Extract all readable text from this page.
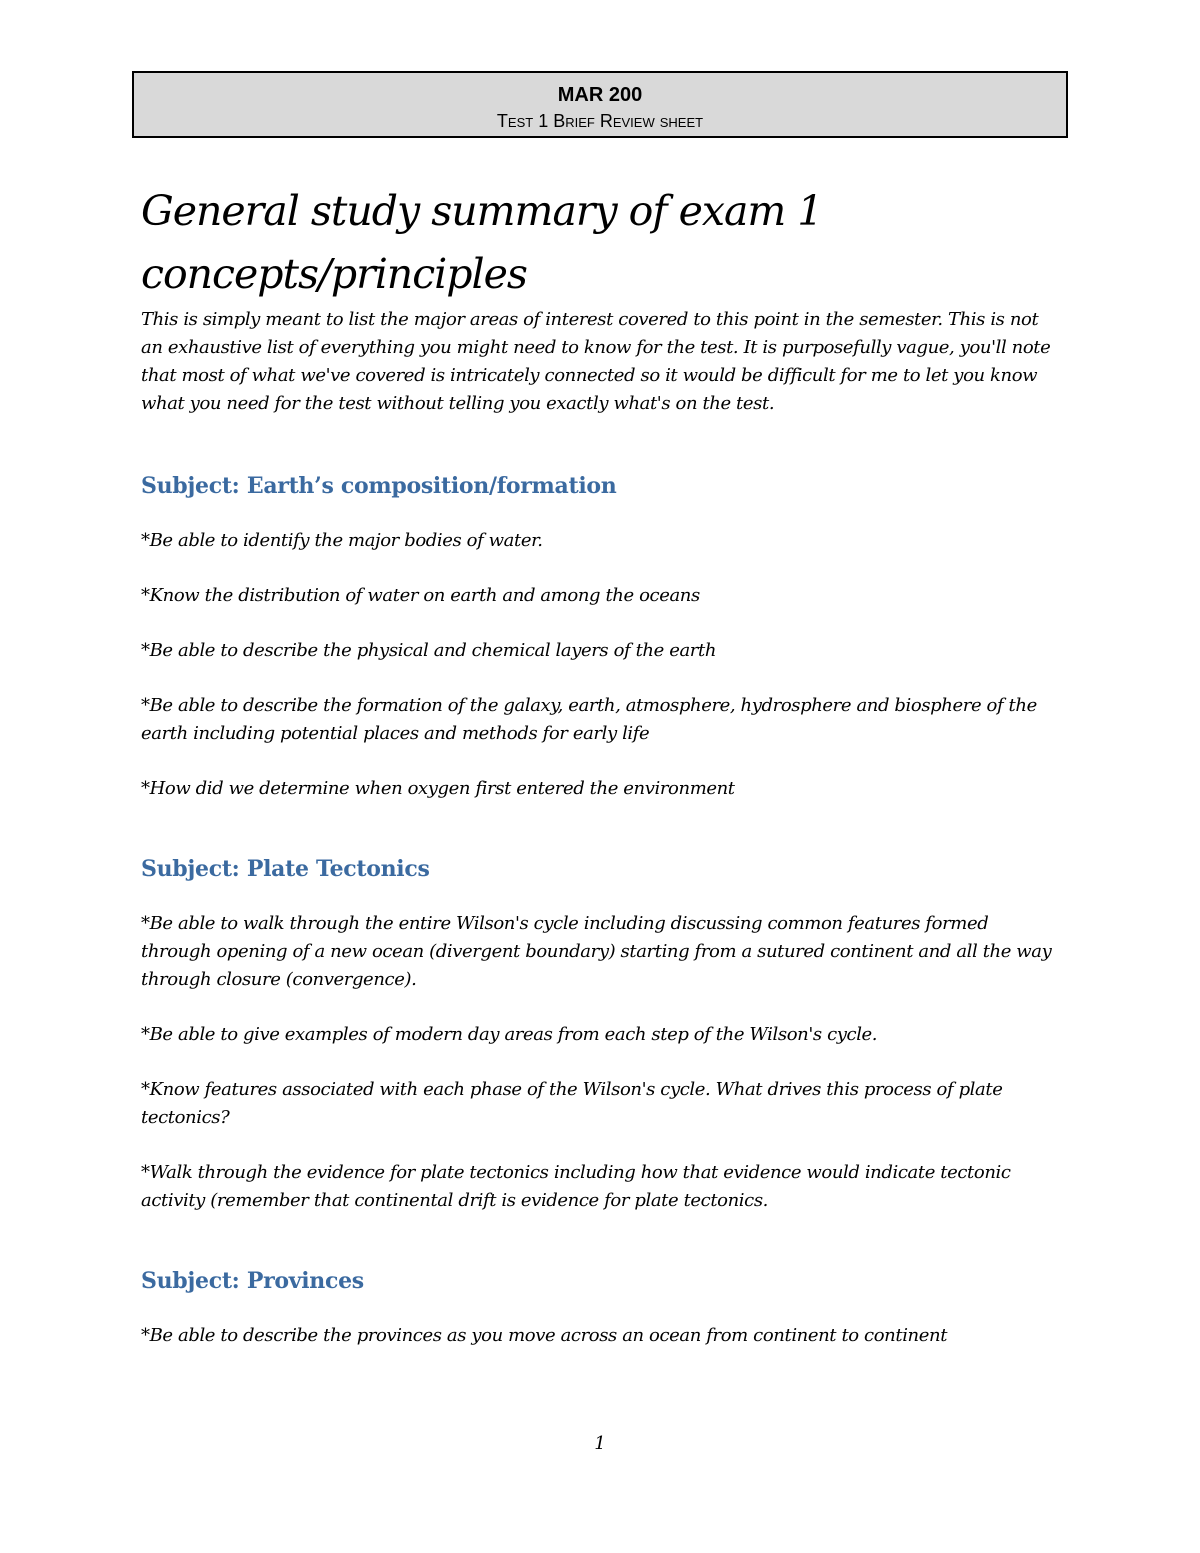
MAR 200
Test 1 Brief Review sheet
General study summary of exam 1 concepts/principles

This is simply meant to list the major areas of interest covered to this point in the semester. This is not an exhaustive list of everything you might need to know for the test. It is purposefully vague, you'll note that most of what we've covered is intricately connected so it would be difficult for me to let you know what you need for the test without telling you exactly what's on the test.

Subject: Earth’s composition/formation

*Be able to identify the major bodies of water.

*Know the distribution of water on earth and among the oceans

*Be able to describe the physical and chemical layers of the earth

*Be able to describe the formation of the galaxy, earth, atmosphere, hydrosphere and biosphere of the earth including potential places and methods for early life

*How did we determine when oxygen first entered the environment

Subject: Plate Tectonics

*Be able to walk through the entire Wilson's cycle including discussing common features formed through opening of a new ocean (divergent boundary) starting from a sutured continent and all the way through closure (convergence).

*Be able to give examples of modern day areas from each step of the Wilson's cycle.

*Know features associated with each phase of the Wilson's cycle. What drives this process of plate tectonics?

*Walk through the evidence for plate tectonics including how that evidence would indicate tectonic activity (remember that continental drift is evidence for plate tectonics.

Subject: Provinces

*Be able to describe the provinces as you move across an ocean from continent to continent

1
